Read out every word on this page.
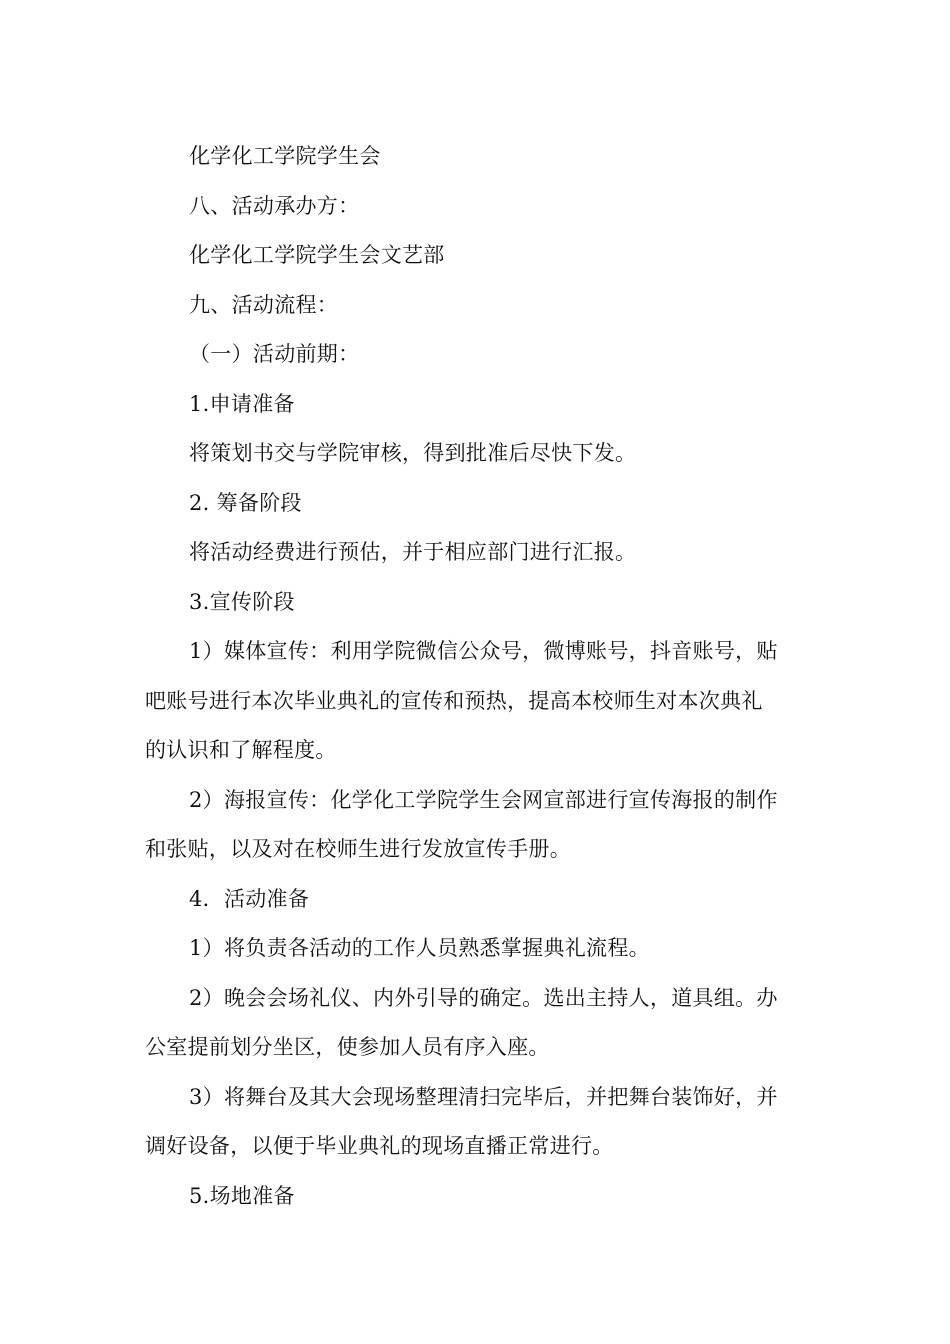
化学化工学院学生会
八、活动承办方：
化学化工学院学生会文艺部
九、活动流程：
（一）活动前期：
1.申请准备
将策划书交与学院审核，得到批准后尽快下发。
2. 筹备阶段
将活动经费进行预估，并于相应部门进行汇报。
3.宣传阶段
1）媒体宣传：利用学院微信公众号，微博账号，抖音账号，贴
吧账号进行本次毕业典礼的宣传和预热，提高本校师生对本次典礼
的认识和了解程度。
2）海报宣传：化学化工学院学生会网宣部进行宣传海报的制作
和张贴，以及对在校师生进行发放宣传手册。
4．活动准备
1）将负责各活动的工作人员熟悉掌握典礼流程。
2）晚会会场礼仪、内外引导的确定。选出主持人，道具组。办
公室提前划分坐区，使参加人员有序入座。
3）将舞台及其大会现场整理清扫完毕后，并把舞台装饰好，并
调好设备，以便于毕业典礼的现场直播正常进行。
5.场地准备
